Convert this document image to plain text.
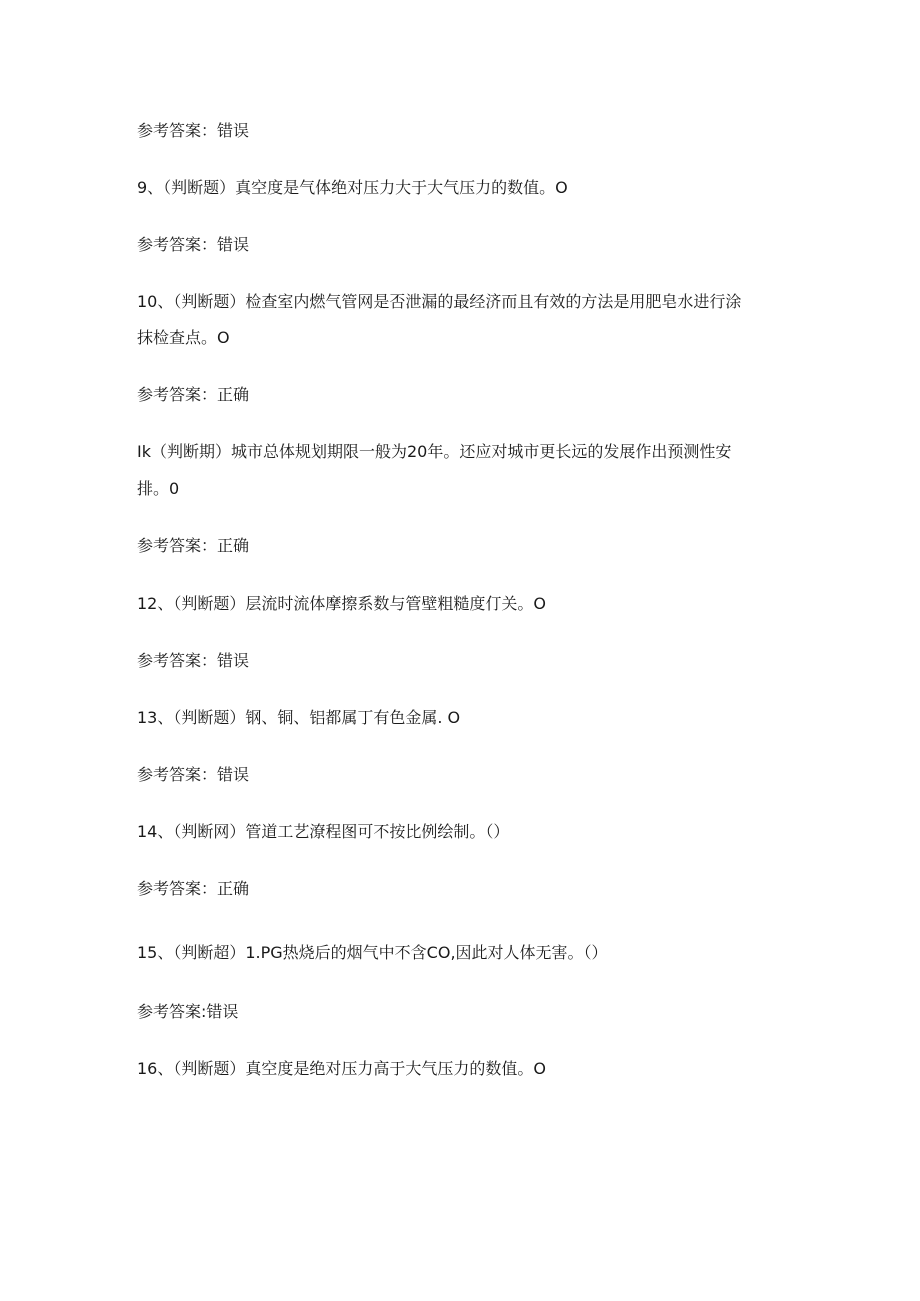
参考答案：错误

9、（判断题）真空度是气体绝对压力大于大气压力的数值。O

参考答案：错误

10、（判断题）检查室内燃气管网是否泄漏的最经济而且有效的方法是用肥皂水进行涂

抹检查点。O

参考答案：正确

Ik（判断期）城市总体规划期限一般为20年。还应对城市更长远的发展作出预测性安

排。0

参考答案：正确

12、（判断题）层流时流体摩擦系数与管壁粗糙度仃关。O

参考答案：错误

13、（判断题）钢、铜、铝都属丁有色金属. O

参考答案：错误

14、（判断网）管道工艺潦程图可不按比例绘制。（）

参考答案：正确

15、（判断超）1.PG热烧后的烟气中不含CO,因此对人体无害。（）

参考答案:错误

16、（判断题）真空度是绝对压力高于大气压力的数值。O
